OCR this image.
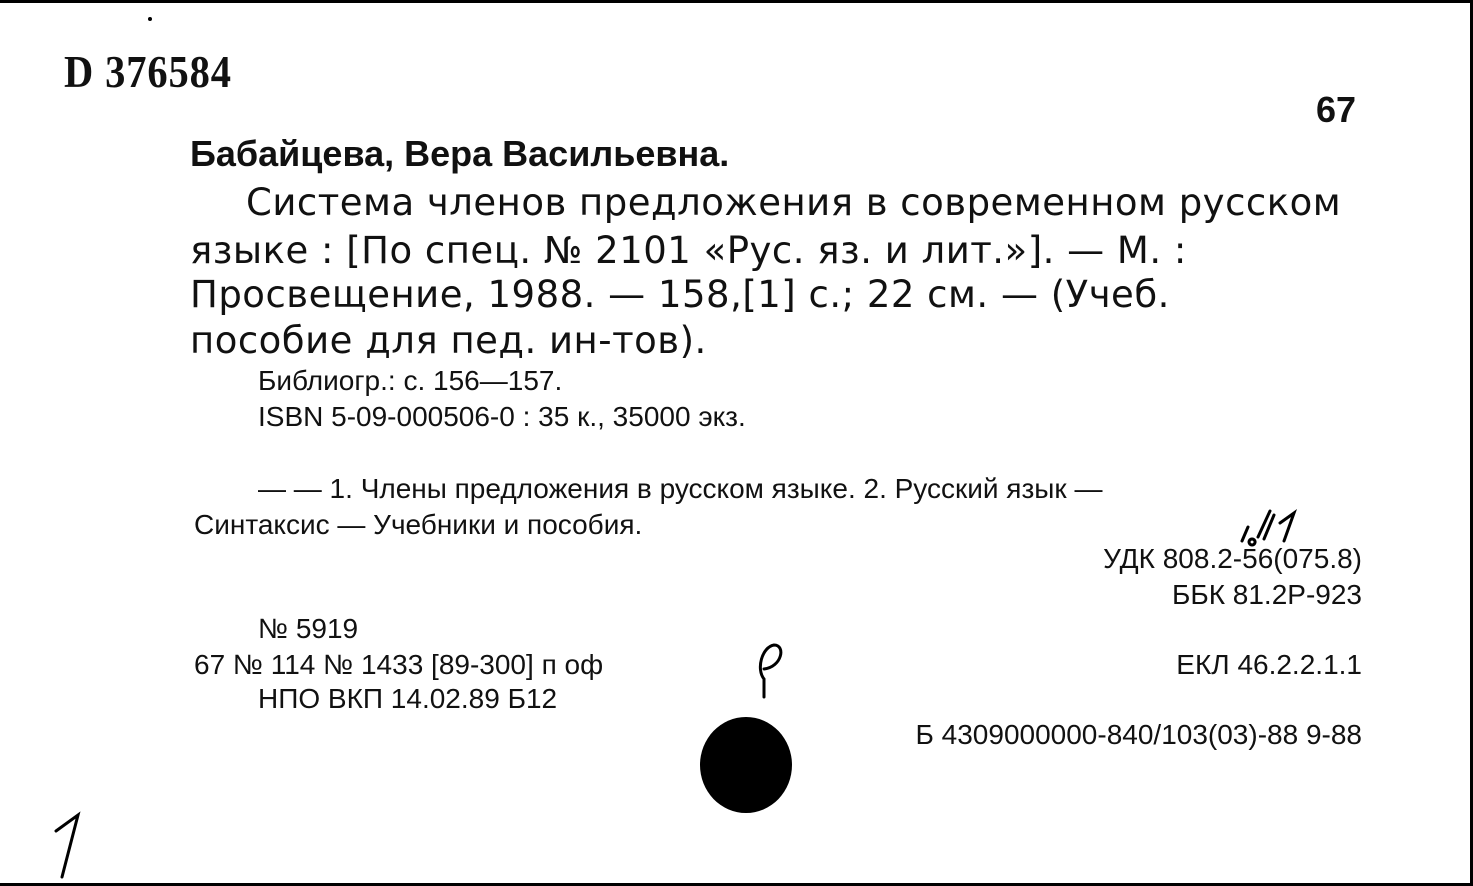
D 376584
67
Бабайцева, Вера Васильевна.
Система членов предложения в современном русском
языке : [По спец. № 2101 «Рус. яз. и лит.»]. — М. :
Просвещение, 1988. — 158,[1] с.; 22 см. — (Учеб.
пособие для пед. ин-тов).
Библиогр.: с. 156—157.
ISBN 5-09-000506-0 : 35 к., 35000 экз.
— — 1. Члены предложения в русском языке. 2. Русский язык —
Синтаксис — Учебники и пособия.
УДК 808.2-56(075.8)
ББК 81.2Р-923
№ 5919
67 № 114 № 1433 [89-300] п оф
НПО ВКП 14.02.89 Б12
ЕКЛ 46.2.2.1.1
Б 4309000000-840/103(03)-88 9-88
